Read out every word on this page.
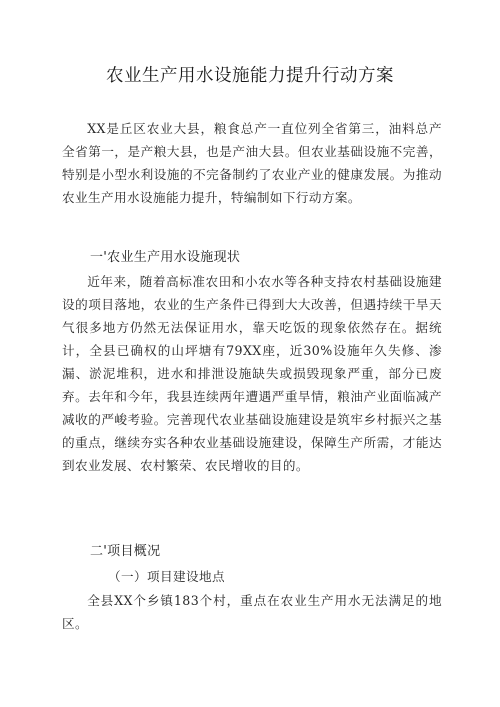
农业生产用水设施能力提升行动方案
XX是丘区农业大县，粮食总产一直位列全省第三，油料总产全省第一，是产粮大县，也是产油大县。但农业基础设施不完善，特别是小型水利设施的不完备制约了农业产业的健康发展。为推动农业生产用水设施能力提升，特编制如下行动方案。
一'农业生产用水设施现状
近年来，随着高标准农田和小农水等各种支持农村基础设施建设的项目落地，农业的生产条件已得到大大改善，但遇持续干旱天气很多地方仍然无法保证用水，靠天吃饭的现象依然存在。据统计，全县已确权的山坪塘有79XX座，近30%设施年久失修、渗漏、淤泥堆积，进水和排泄设施缺失或损毁现象严重，部分已废弃。去年和今年，我县连续两年遭遇严重旱情，粮油产业面临减产减收的严峻考验。完善现代农业基础设施建设是筑牢乡村振兴之基的重点，继续夯实各种农业基础设施建设，保障生产所需，才能达到农业发展、农村繁荣、农民增收的目的。
二'项目概况
（一）项目建设地点
全县XX个乡镇183个村，重点在农业生产用水无法满足的地区。
